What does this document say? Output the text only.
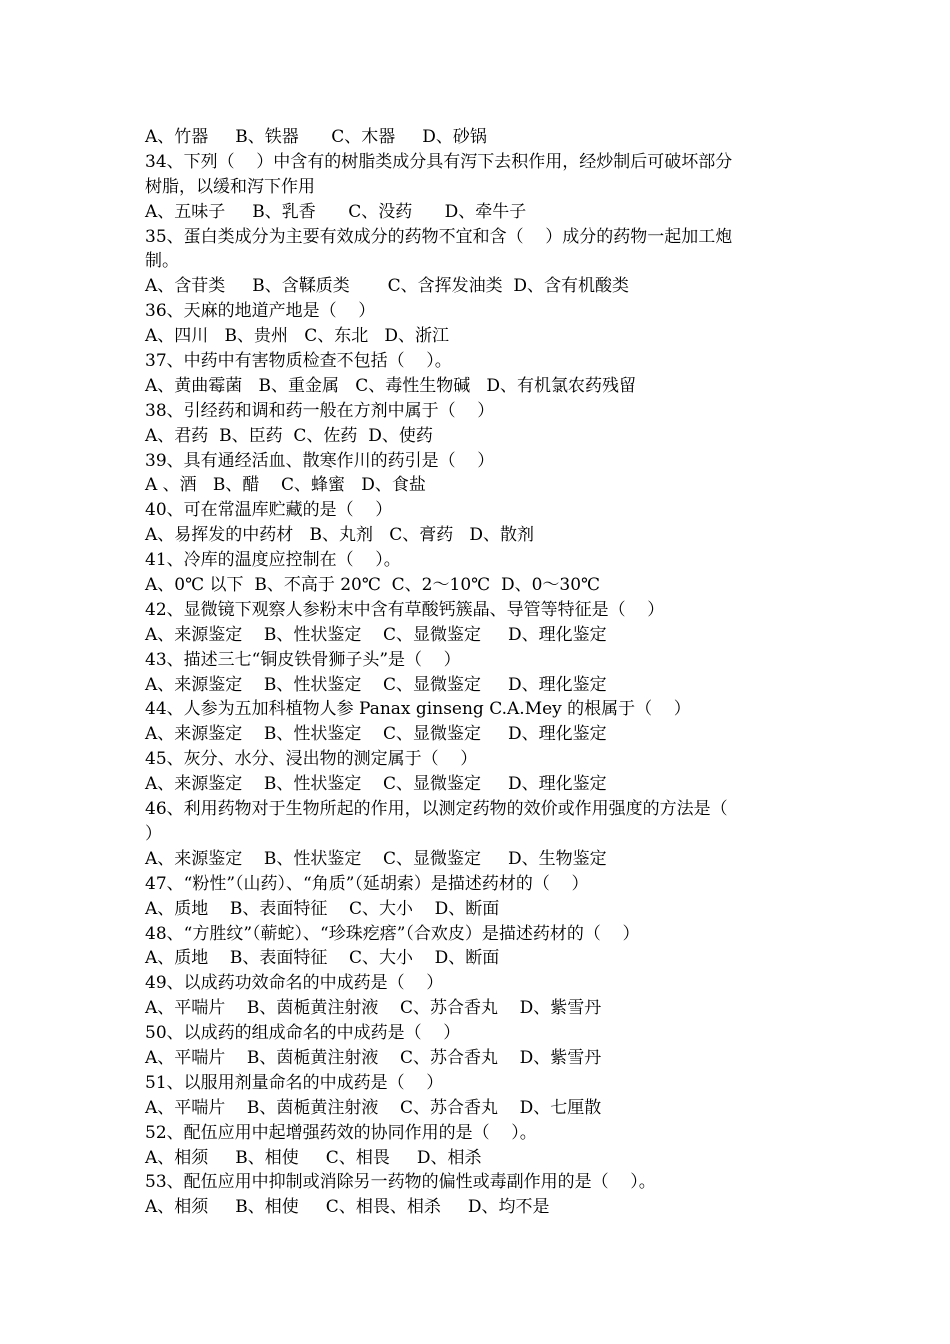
A、竹器     B、铁器      C、木器     D、砂锅
34、下列（    ）中含有的树脂类成分具有泻下去积作用，经炒制后可破坏部分
树脂，以缓和泻下作用
A、五味子     B、乳香      C、没药      D、牵牛子
35、蛋白类成分为主要有效成分的药物不宜和含（    ）成分的药物一起加工炮
制。
A、含苷类     B、含鞣质类       C、含挥发油类  D、含有机酸类
36、天麻的地道产地是（    ）
A、四川   B、贵州   C、东北   D、浙江
37、中药中有害物质检查不包括（    ）。
A、黄曲霉菌   B、重金属   C、毒性生物碱   D、有机氯农药残留
38、引经药和调和药一般在方剂中属于（    ）
A、君药  B、臣药  C、佐药  D、使药
39、具有通经活血、散寒作川的药引是（    ）
A 、酒   B、醋    C、蜂蜜   D、食盐
40、可在常温库贮藏的是（    ）
A、易挥发的中药材   B、丸剂   C、膏药   D、散剂
41、冷库的温度应控制在（    ）。
A、0℃ 以下  B、不高于 20℃  C、2～10℃  D、0～30℃
42、显微镜下观察人参粉末中含有草酸钙簇晶、导管等特征是（    ）
A、来源鉴定    B、性状鉴定    C、显微鉴定     D、理化鉴定
43、描述三七“铜皮铁骨狮子头”是（    ）
A、来源鉴定    B、性状鉴定    C、显微鉴定     D、理化鉴定
44、人参为五加科植物人参 Panax ginseng C.A.Mey 的根属于（    ）
A、来源鉴定    B、性状鉴定    C、显微鉴定     D、理化鉴定
45、灰分、水分、浸出物的测定属于（    ）
A、来源鉴定    B、性状鉴定    C、显微鉴定     D、理化鉴定
46、利用药物对于生物所起的作用，以测定药物的效价或作用强度的方法是（
）
A、来源鉴定    B、性状鉴定    C、显微鉴定     D、生物鉴定
47、“粉性”（山药）、“角质”（延胡索）是描述药材的（    ）
A、质地    B、表面特征    C、大小    D、断面
48、“方胜纹”（蕲蛇）、“珍珠疙瘩”（合欢皮）是描述药材的（    ）
A、质地    B、表面特征    C、大小    D、断面
49、以成药功效命名的中成药是（    ）
A、平喘片    B、茵栀黄注射液    C、苏合香丸    D、紫雪丹
50、以成药的组成命名的中成药是（    ）
A、平喘片    B、茵栀黄注射液    C、苏合香丸    D、紫雪丹
51、以服用剂量命名的中成药是（    ）
A、平喘片    B、茵栀黄注射液    C、苏合香丸    D、七厘散
52、配伍应用中起增强药效的协同作用的是（    ）。
A、相须     B、相使     C、相畏     D、相杀
53、配伍应用中抑制或消除另一药物的偏性或毒副作用的是（    ）。
A、相须     B、相使     C、相畏、相杀     D、均不是
